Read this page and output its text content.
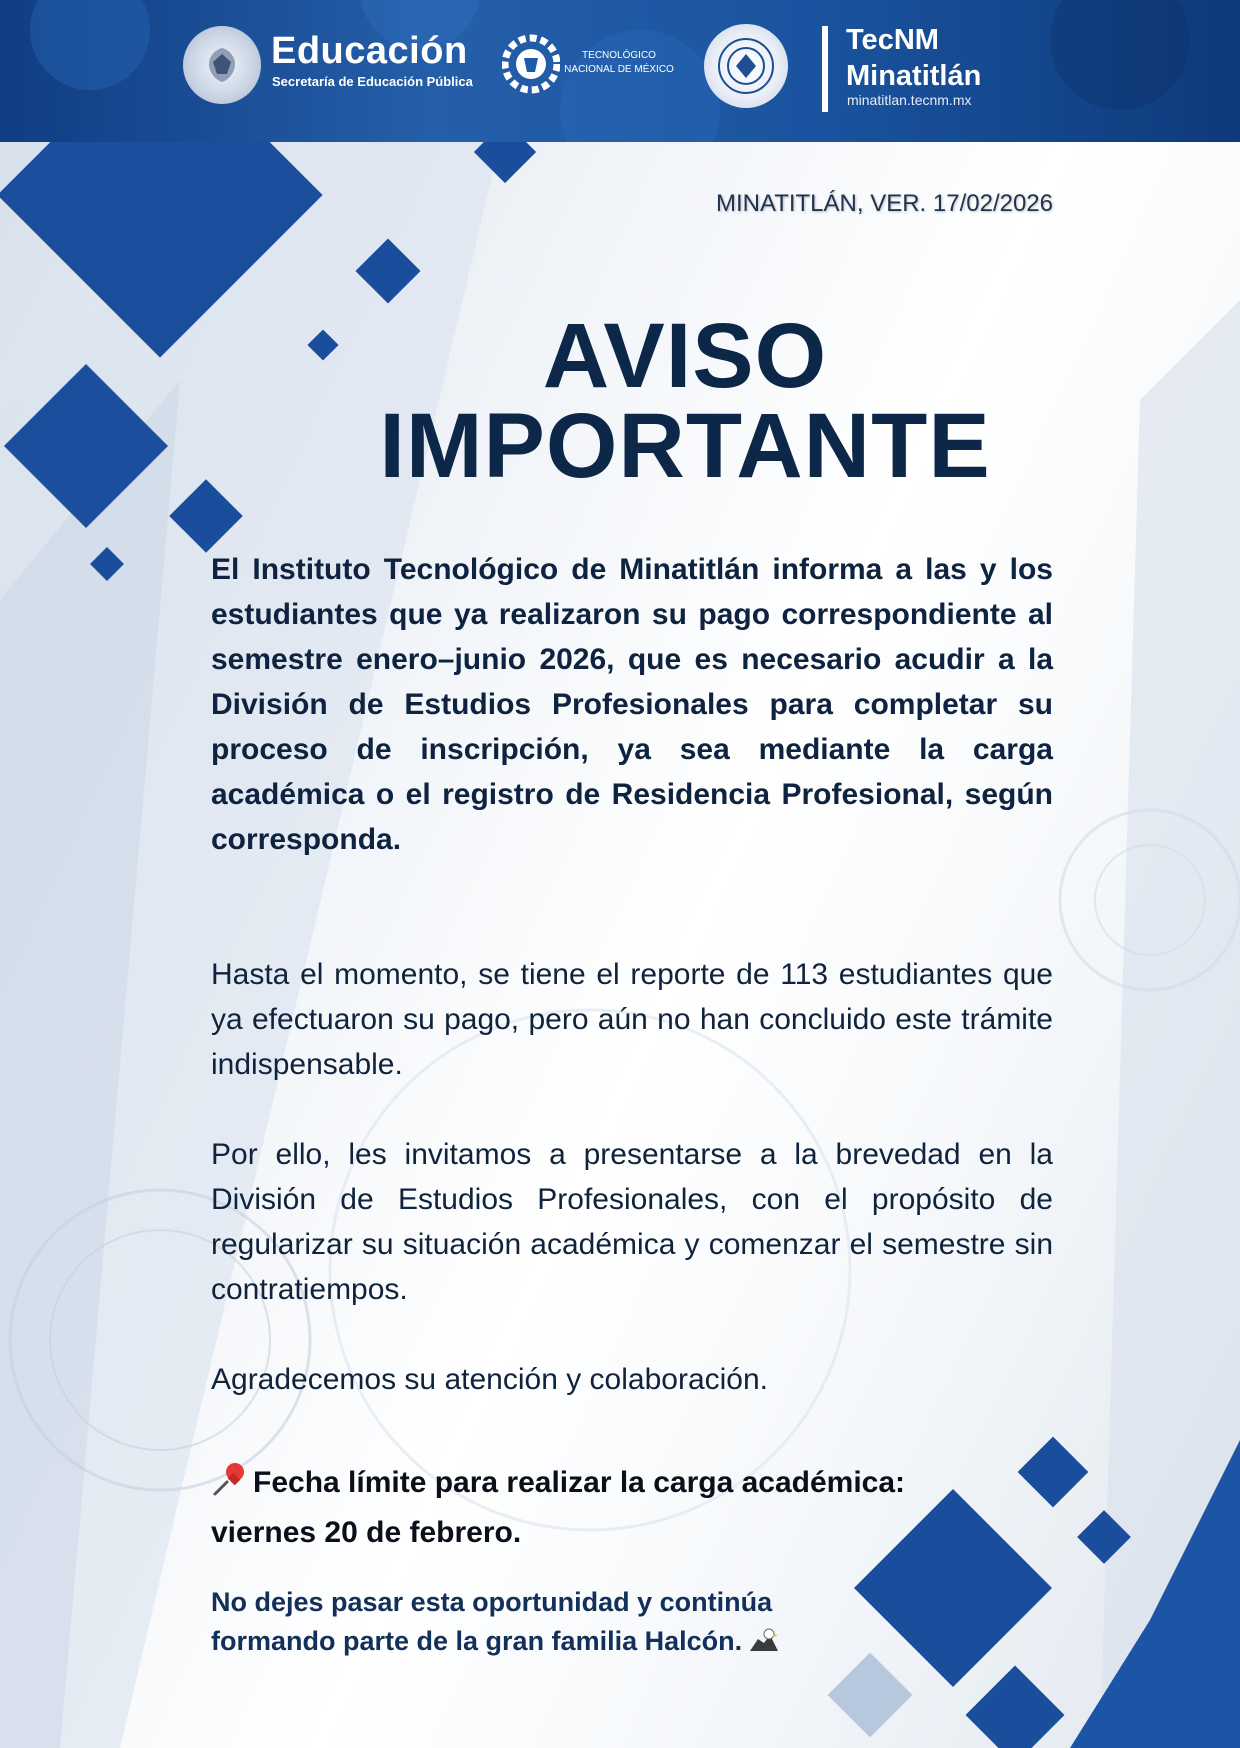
Educación
Secretaría de Educación Pública
TECNOLÓGICO
NACIONAL DE MÉXICO
TecNM
Minatitlán
minatitlan.tecnm.mx
MINATITLÁN, VER. 17/02/2026
AVISO
IMPORTANTE

El Instituto Tecnológico de Minatitlán informa a las y los estudiantes que ya realizaron su pago correspondiente al semestre enero–junio 2026, que es necesario acudir a la División de Estudios Profesionales para completar su proceso de inscripción, ya sea mediante la carga académica o el registro de Residencia Profesional, según corresponda.

Hasta el momento, se tiene el reporte de 113 estudiantes que ya efectuaron su pago, pero aún no han concluido este trámite indispensable.

Por ello, les invitamos a presentarse a la brevedad en la División de Estudios Profesionales, con el propósito de regularizar su situación académica y comenzar el semestre sin contratiempos.

Agradecemos su atención y colaboración.

Fecha límite para realizar la carga académica:
viernes 20 de febrero.
No dejes pasar esta oportunidad y continúa
formando parte de la gran familia Halcón.
